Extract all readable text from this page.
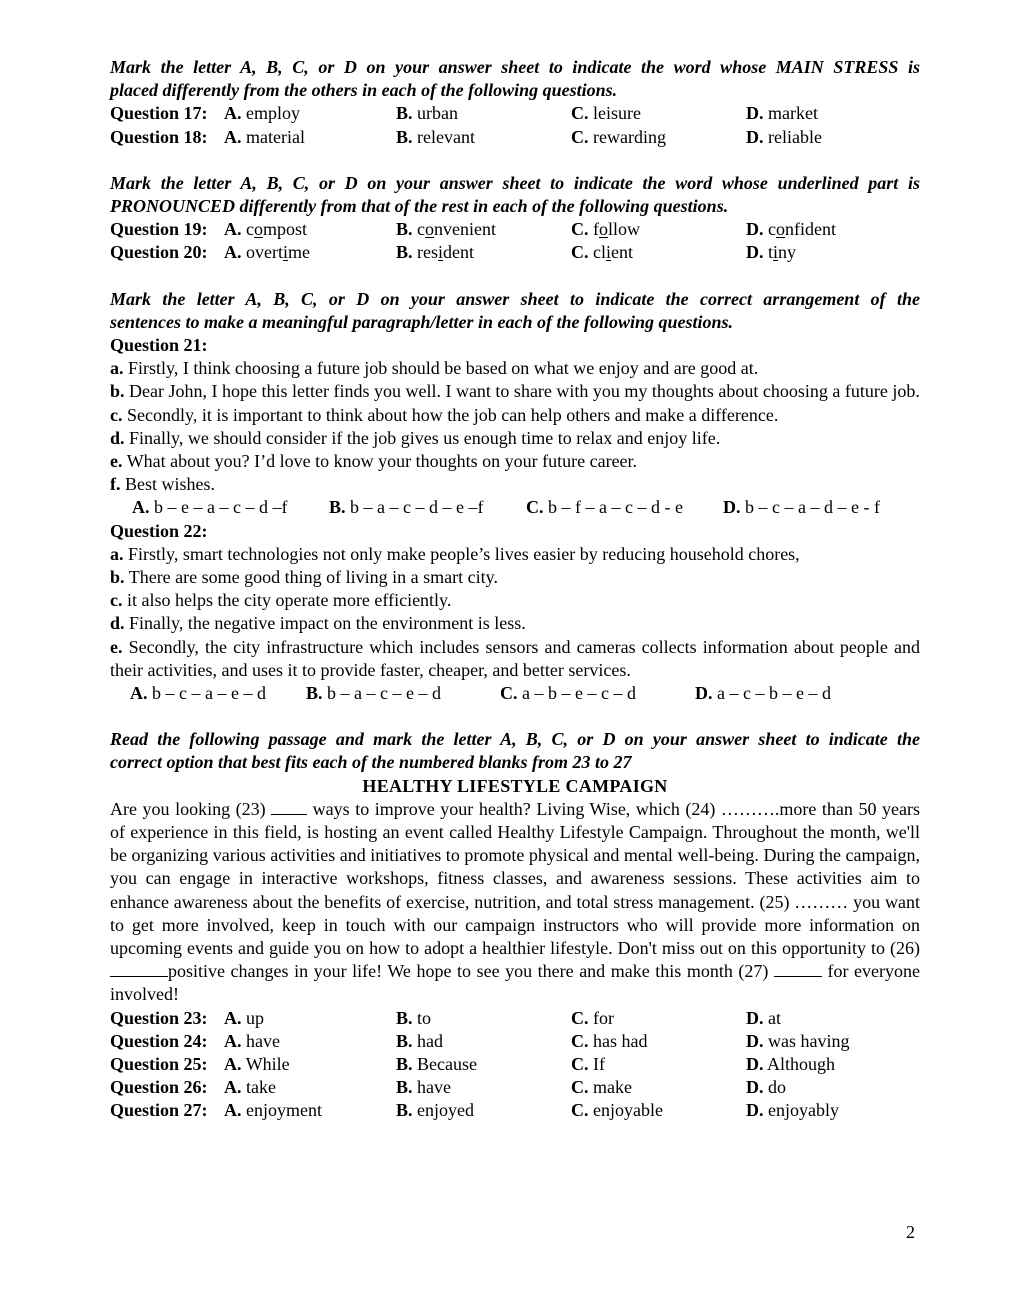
Mark the letter A, B, C, or D on your answer sheet to indicate the word whose MAIN STRESS is
placed differently from the others in each of the following questions.
Question 17: A. employ	B. urban	C. leisure	D. market
Question 18: A. material	B. relevant	C. rewarding	D. reliable
Mark the letter A, B, C, or D on your answer sheet to indicate the word whose underlined part is
PRONOUNCED differently from that of the rest in each of the following questions.
Question 19: A. compost	B. convenient	C. follow	D. confident
Question 20: A. overtime	B. resident	C. client	D. tiny
Mark the letter A, B, C, or D on your answer sheet to indicate the correct arrangement of the
sentences to make a meaningful paragraph/letter in each of the following questions.
Question 21:
a. Firstly, I think choosing a future job should be based on what we enjoy and are good at.
b. Dear John, I hope this letter finds you well. I want to share with you my thoughts about choosing a future job.
c. Secondly, it is important to think about how the job can help others and make a difference.
d. Finally, we should consider if the job gives us enough time to relax and enjoy life.
e. What about you? I’d love to know your thoughts on your future career.
f. Best wishes.
A. b – e – a – c – d –f B. b – a – c – d – e –f C. b – f – a – c – d - e D. b – c – a – d – e - f
Question 22:
a. Firstly, smart technologies not only make people’s lives easier by reducing household chores,
b. There are some good thing of living in a smart city.
c. it also helps the city operate more efficiently.
d. Finally, the negative impact on the environment is less.
e. Secondly, the city infrastructure which includes sensors and cameras collects information about people and their activities, and uses it to provide faster, cheaper, and better services.
A. b – c – a – e – d B. b – a – c – e – d	C. a – b – e – c – d	D. a – c – b – e – d
Read the following passage and mark the letter A, B, C, or D on your answer sheet to indicate the
correct option that best fits each of the numbered blanks from 23 to 27
HEALTHY LIFESTYLE CAMPAIGN
Are you looking (23)  ways to improve your health? Living Wise, which (24) ……….more than 50 years of experience in this field, is hosting an event called Healthy Lifestyle Campaign. Throughout the month, we'll be organizing various activities and initiatives to promote physical and mental well-being. During the campaign, you can engage in interactive workshops, fitness classes, and awareness sessions. These activities aim to enhance awareness about the benefits of exercise, nutrition, and total stress management. (25) ……… you want to get more involved, keep in touch with our campaign instructors who will provide more information on upcoming events and guide you on how to adopt a healthier lifestyle. Don't miss out on this opportunity to (26) positive changes in your life! We hope to see you there and make this month (27)	for everyone involved!
Question 23: A. up	B. to	C. for	D. at
Question 24: A. have	B. had	C. has had	D. was having
Question 25: A. While	B. Because	C. If	D. Although
Question 26: A. take	B. have	C. make	D. do
Question 27: A. enjoyment	B. enjoyed	C. enjoyable	D. enjoyably
2
